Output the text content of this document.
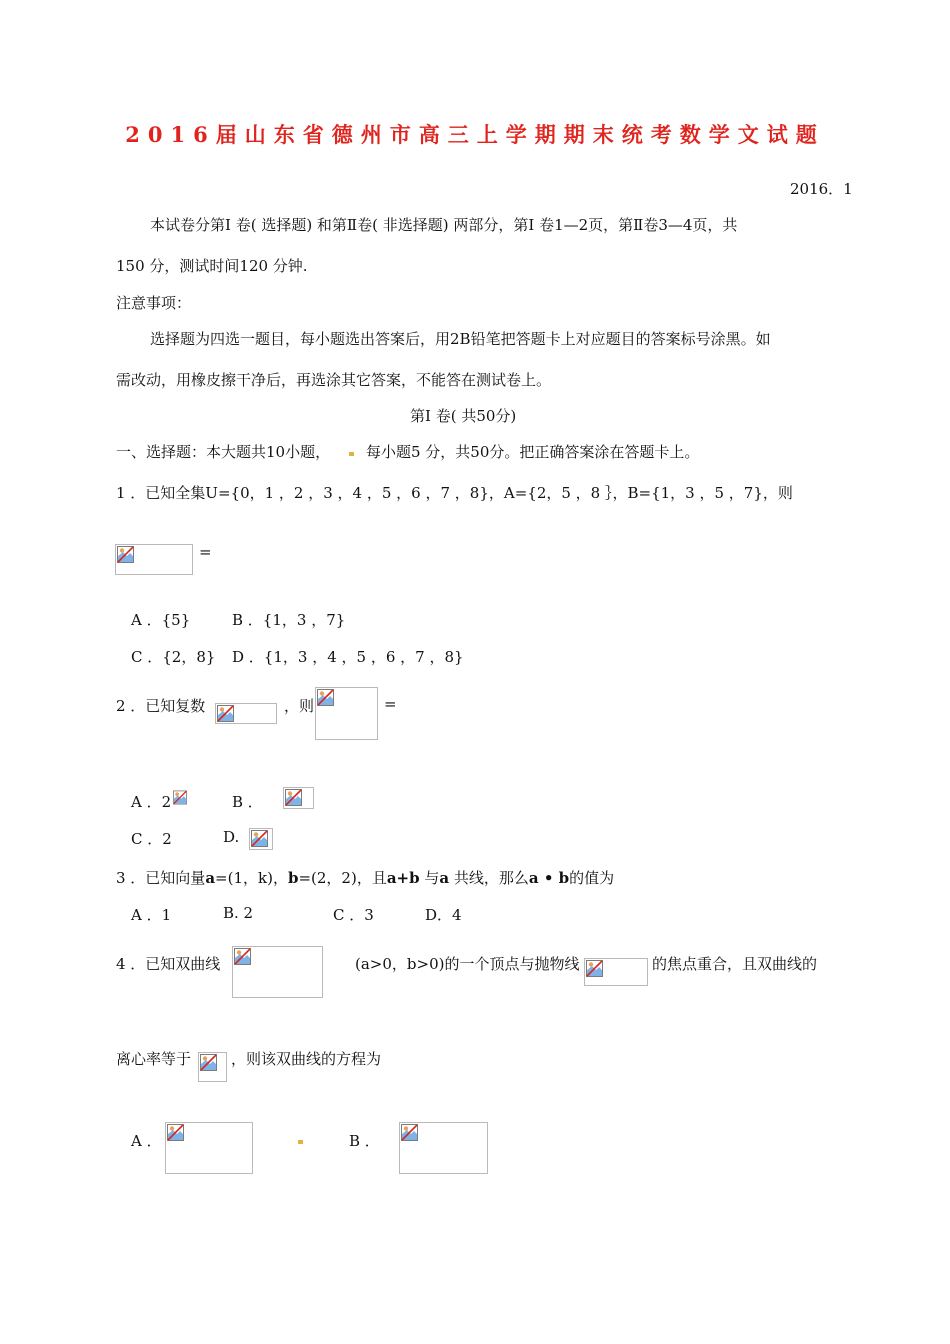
2016届山东省德州市高三上学期期末统考数学文试题
2016．1
本试卷分第I 卷( 选择题) 和第Ⅱ卷( 非选择题) 两部分，第I 卷1—2页，第Ⅱ卷3—4页，共
150 分，测试时间120 分钟.
注意事项：
选择题为四选一题目，每小题选出答案后，用2B铅笔把答题卡上对应题目的答案标号涂黑。如
需改动，用橡皮擦干净后，再选涂其它答案，不能答在测试卷上。
第I 卷( 共50分)
一、选择题：本大题共10小题， 每小题5 分，共50分。把正确答案涂在答题卡上。
1 ．已知全集U={0，1 ，2 ，3 ，4 ，5 ，6 ，7 ，8}，A={2，5 ，8 ｝，B={1，3 ，5 ，7}，则
=
A ．{5}	B ．{1，3 ，7}
C ．{2，8} D ．{1，3 ，4 ，5 ，6 ，7 ，8}
2 ．已知复数	，则	=
A ．2	B ．
C ．2	D.
3 ．已知向量a=(1，k)，b=(2，2)，且a+b 与a 共线，那么a • b的值为
A ．1	B. 2	C ．3	D．4
4 ．已知双曲线	(a>0，b>0)的一个顶点与抛物线	的焦点重合，且双曲线的
离心率等于	，则该双曲线的方程为
A ．	B ．
